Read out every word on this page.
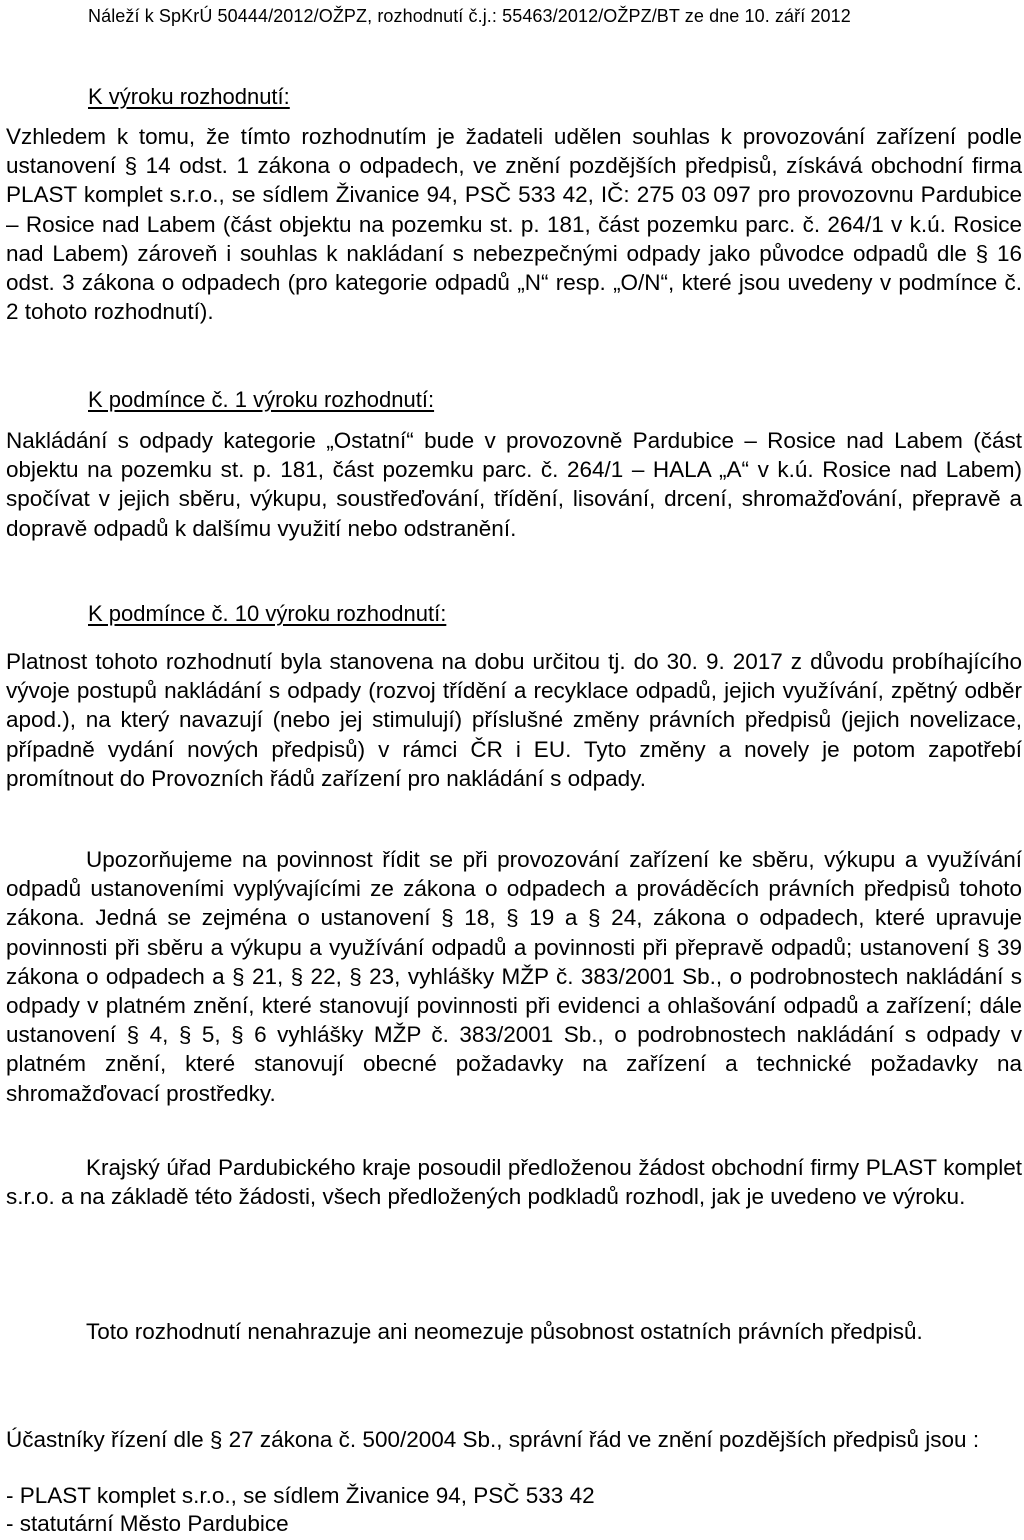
Náleží k SpKrÚ 50444/2012/OŽPZ, rozhodnutí č.j.: 55463/2012/OŽPZ/BT ze dne 10. září 2012
K výroku rozhodnutí:

Vzhledem k tomu, že tímto rozhodnutím je žadateli udělen souhlas k provozování zařízení podle ustanovení § 14 odst. 1 zákona o odpadech, ve znění pozdějších předpisů, získává obchodní firma PLAST komplet s.r.o., se sídlem Živanice 94, PSČ 533 42, IČ: 275 03 097 pro provozovnu Pardubice – Rosice nad Labem (část objektu na pozemku st. p. 181, část pozemku parc. č. 264/1 v k.ú. Rosice nad Labem) zároveň i souhlas k nakládaní s nebezpečnými odpady jako původce odpadů dle § 16 odst. 3 zákona o odpadech (pro kategorie odpadů „N“ resp. „O/N“, které jsou uvedeny v podmínce č. 2 tohoto rozhodnutí).

K podmínce č. 1 výroku rozhodnutí:

Nakládání s odpady kategorie „Ostatní“ bude v provozovně Pardubice – Rosice nad Labem (část objektu na pozemku st. p. 181, část pozemku parc. č. 264/1 – HALA „A“ v k.ú. Rosice nad Labem) spočívat v jejich sběru, výkupu, soustřeďování, třídění, lisování, drcení, shromažďování, přepravě a dopravě odpadů k dalšímu využití nebo odstranění.

K podmínce č. 10 výroku rozhodnutí:

Platnost tohoto rozhodnutí byla stanovena na dobu určitou tj. do 30. 9. 2017 z důvodu probíhajícího vývoje postupů nakládání s odpady (rozvoj třídění a recyklace odpadů, jejich využívání, zpětný odběr apod.), na který navazují (nebo jej stimulují) příslušné změny právních předpisů (jejich novelizace, případně vydání nových předpisů) v rámci ČR i EU. Tyto změny a novely je potom zapotřebí promítnout do Provozních řádů zařízení pro nakládání s odpady.

Upozorňujeme na povinnost řídit se při provozování zařízení ke sběru, výkupu a využívání odpadů ustanoveními vyplývajícími ze zákona o odpadech a prováděcích právních předpisů tohoto zákona. Jedná se zejména o ustanovení § 18, § 19 a § 24, zákona o odpadech, které upravuje povinnosti při sběru a výkupu a využívání odpadů a povinnosti při přepravě odpadů; ustanovení § 39 zákona o odpadech a § 21, § 22, § 23, vyhlášky MŽP č. 383/2001 Sb., o podrobnostech nakládání s odpady v platném znění, které stanovují povinnosti při evidenci a ohlašování odpadů a zařízení; dále ustanovení § 4, § 5, § 6 vyhlášky MŽP č. 383/2001 Sb., o podrobnostech nakládání s odpady v platném znění, které stanovují obecné požadavky na zařízení a technické požadavky na shromažďovací prostředky.

Krajský úřad Pardubického kraje posoudil předloženou žádost obchodní firmy PLAST komplet s.r.o. a na základě této žádosti, všech předložených podkladů rozhodl, jak je uvedeno ve výroku.

Toto rozhodnutí nenahrazuje ani neomezuje působnost ostatních právních předpisů.

Účastníky řízení dle § 27 zákona č. 500/2004 Sb., správní řád ve znění pozdějších předpisů jsou :

- PLAST komplet s.r.o., se sídlem Živanice 94, PSČ 533 42
- statutární Město Pardubice
